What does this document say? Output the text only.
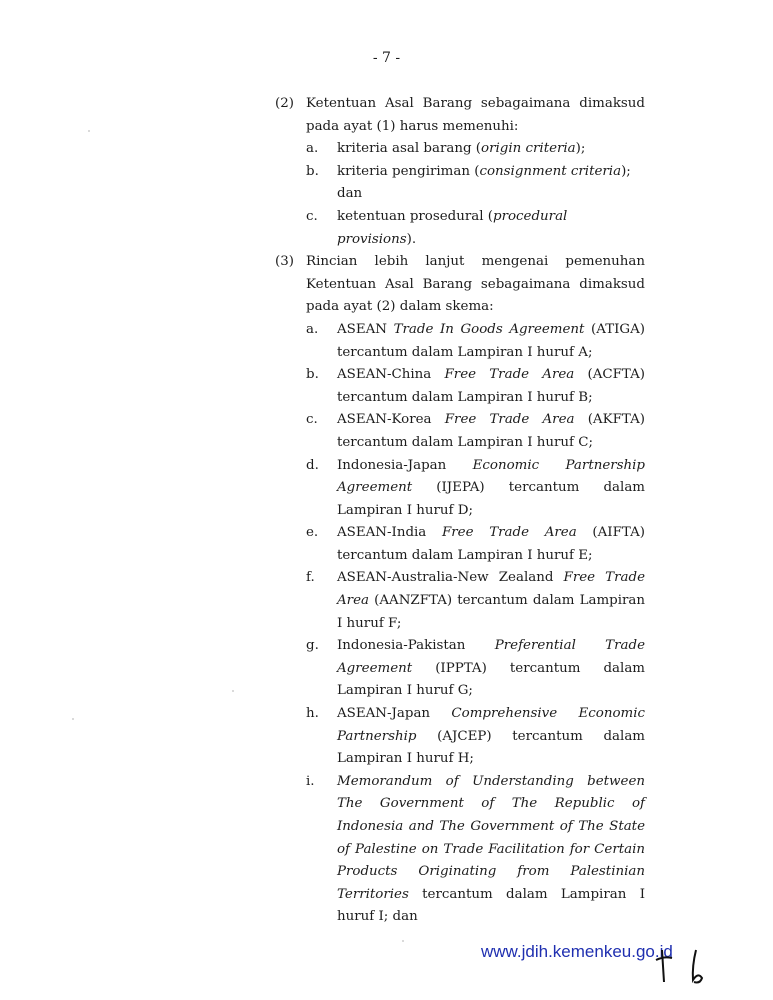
- 7 -
(2) Ketentuan Asal Barang sebagaimana dimaksud pada ayat (1) harus memenuhi:
a. kriteria asal barang (origin criteria);
b. kriteria pengiriman (consignment criteria); dan
c. ketentuan prosedural (procedural provisions).
(3) Rincian lebih lanjut mengenai pemenuhan
Ketentuan Asal Barang sebagaimana dimaksud pada ayat (2) dalam skema:
a. ASEAN Trade In Goods Agreement (ATIGA) tercantum dalam Lampiran I huruf A;
b. ASEAN-China Free Trade Area (ACFTA) tercantum dalam Lampiran I huruf B;
c. ASEAN-Korea Free Trade Area (AKFTA) tercantum dalam Lampiran I huruf C;
d. Indonesia-Japan Economic Partnership Agreement (IJEPA) tercantum dalam Lampiran I huruf D;
e. ASEAN-India Free Trade Area (AIFTA) tercantum dalam Lampiran I huruf E;
f. ASEAN-Australia-New Zealand Free Trade Area (AANZFTA) tercantum dalam Lampiran I huruf F;
g. Indonesia-Pakistan Preferential Trade Agreement (IPPTA) tercantum dalam Lampiran I huruf G;
h. ASEAN-Japan Comprehensive Economic Partnership (AJCEP) tercantum dalam Lampiran I huruf H;
i. Memorandum of Understanding between The Government of The Republic of Indonesia and The Government of The State of Palestine on Trade Facilitation for Certain Products Originating from Palestinian Territories tercantum dalam Lampiran I huruf I; dan
www.jdih.kemenkeu.go.id
